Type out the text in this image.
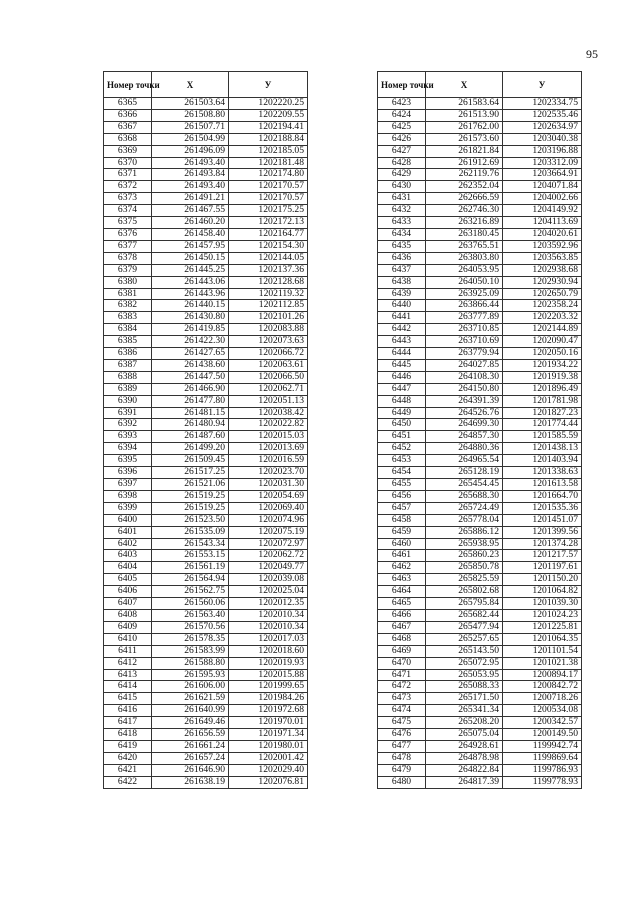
95
Номер точки	X	У
6365	261503.64	1202220.25
6366	261508.80	1202209.55
6367	261507.71	1202194.41
6368	261504.99	1202188.84
6369	261496.09	1202185.05
6370	261493.40	1202181.48
6371	261493.84	1202174.80
6372	261493.40	1202170.57
6373	261491.21	1202170.57
6374	261467.55	1202175.25
6375	261460.20	1202172.13
6376	261458.40	1202164.77
6377	261457.95	1202154.30
6378	261450.15	1202144.05
6379	261445.25	1202137.36
6380	261443.06	1202128.68
6381	261443.96	1202119.32
6382	261440.15	1202112.85
6383	261430.80	1202101.26
6384	261419.85	1202083.88
6385	261422.30	1202073.63
6386	261427.65	1202066.72
6387	261438.60	1202063.61
6388	261447.50	1202066.50
6389	261466.90	1202062.71
6390	261477.80	1202051.13
6391	261481.15	1202038.42
6392	261480.94	1202022.82
6393	261487.60	1202015.03
6394	261499.20	1202013.69
6395	261509.45	1202016.59
6396	261517.25	1202023.70
6397	261521.06	1202031.30
6398	261519.25	1202054.69
6399	261519.25	1202069.40
6400	261523.50	1202074.96
6401	261535.09	1202075.19
6402	261543.34	1202072.97
6403	261553.15	1202062.72
6404	261561.19	1202049.77
6405	261564.94	1202039.08
6406	261562.75	1202025.04
6407	261560.06	1202012.35
6408	261563.40	1202010.34
6409	261570.56	1202010.34
6410	261578.35	1202017.03
6411	261583.99	1202018.60
6412	261588.80	1202019.93
6413	261595.93	1202015.88
6414	261606.00	1201999.65
6415	261621.59	1201984.26
6416	261640.99	1201972.68
6417	261649.46	1201970.01
6418	261656.59	1201971.34
6419	261661.24	1201980.01
6420	261657.24	1202001.42
6421	261646.90	1202029.40
6422	261638.19	1202076.81
Номер точки	X	У
6423	261583.64	1202334.75
6424	261513.90	1202535.46
6425	261762.00	1202634.97
6426	261573.60	1203040.38
6427	261821.84	1203196.88
6428	261912.69	1203312.09
6429	262119.76	1203664.91
6430	262352.04	1204071.84
6431	262666.59	1204002.66
6432	262746.30	1204149.92
6433	263216.89	1204113.69
6434	263180.45	1204020.61
6435	263765.51	1203592.96
6436	263803.80	1203563.85
6437	264053.95	1202938.68
6438	264050.10	1202930.94
6439	263925.09	1202650.79
6440	263866.44	1202358.24
6441	263777.89	1202203.32
6442	263710.85	1202144.89
6443	263710.69	1202090.47
6444	263779.94	1202050.16
6445	264027.85	1201934.22
6446	264108.30	1201919.38
6447	264150.80	1201896.49
6448	264391.39	1201781.98
6449	264526.76	1201827.23
6450	264699.30	1201774.44
6451	264857.30	1201585.59
6452	264880.36	1201438.13
6453	264965.54	1201403.94
6454	265128.19	1201338.63
6455	265454.45	1201613.58
6456	265688.30	1201664.70
6457	265724.49	1201535.36
6458	265778.04	1201451.07
6459	265886.12	1201399.56
6460	265938.95	1201374.28
6461	265860.23	1201217.57
6462	265850.78	1201197.61
6463	265825.59	1201150.20
6464	265802.68	1201064.82
6465	265795.84	1201039.30
6466	265682.44	1201024.23
6467	265477.94	1201225.81
6468	265257.65	1201064.35
6469	265143.50	1201101.54
6470	265072.95	1201021.38
6471	265053.95	1200894.17
6472	265088.33	1200842.72
6473	265171.50	1200718.26
6474	265341.34	1200534.08
6475	265208.20	1200342.57
6476	265075.04	1200149.50
6477	264928.61	1199942.74
6478	264878.98	1199869.64
6479	264822.84	1199786.93
6480	264817.39	1199778.93
